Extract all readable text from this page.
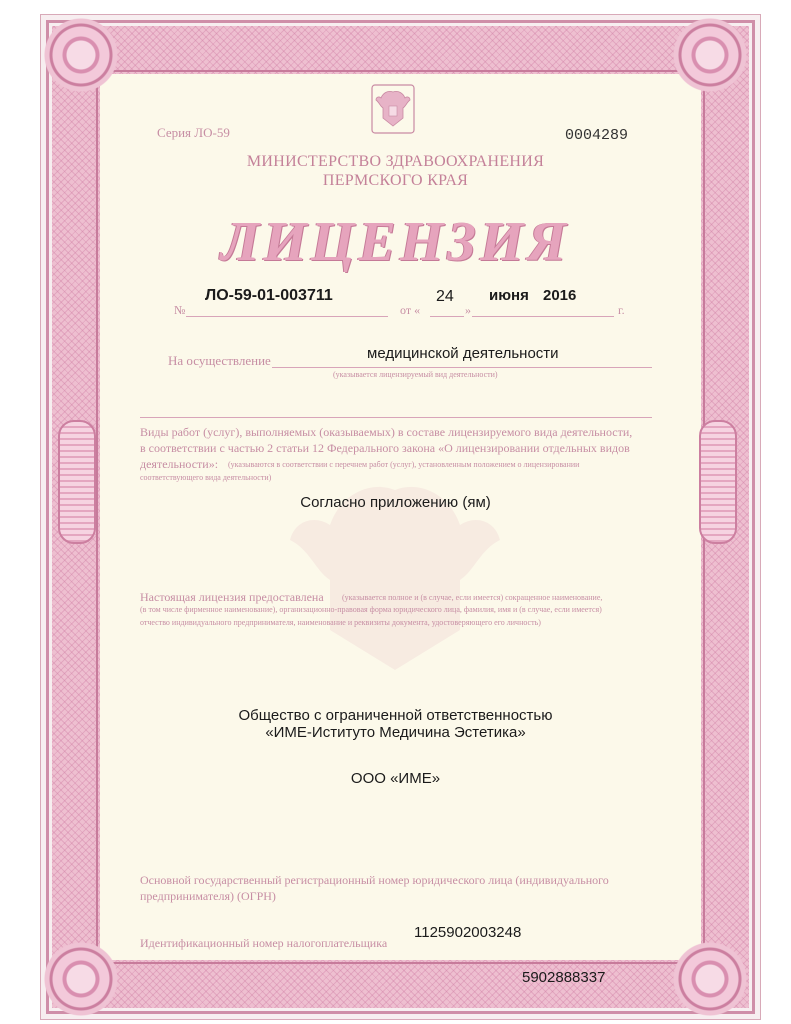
Серия ЛО-59	0004289
МИНИСТЕРСТВО ЗДРАВООХРАНЕНИЯ
ПЕРМСКОГО КРАЯ
ЛИЦЕНЗИЯ
№
ЛО-59-01-003711
от «	»
24 июня 2016
г.
На осуществление	медицинской деятельности
(указывается лицензируемый вид деятельности)
Виды работ (услуг), выполняемых (оказываемых) в составе лицензируемого вида деятельности,
в соответствии с частью 2 статьи 12 Федерального закона «О лицензировании отдельных видов
деятельности»: (указываются в соответствии с перечнем работ (услуг), установленным положением о лицензировании
соответствующего вида деятельности)
Согласно приложению (ям)
Настоящая лицензия предоставлена (указывается полное и (в случае, если имеется) сокращенное наименование,
(в том числе фирменное наименование), организационно-правовая форма юридического лица, фамилия, имя и (в случае, если имеется)
отчество индивидуального предпринимателя, наименование и реквизиты документа, удостоверяющего его личность)
Общество с ограниченной ответственностью
«ИМЕ-Иституто Медичина Эстетика»
ООО «ИМЕ»
Основной государственный регистрационный номер юридического лица (индивидуального
предпринимателя) (ОГРН)
Идентификационный номер налогоплательщика
1125902003248
5902888337
